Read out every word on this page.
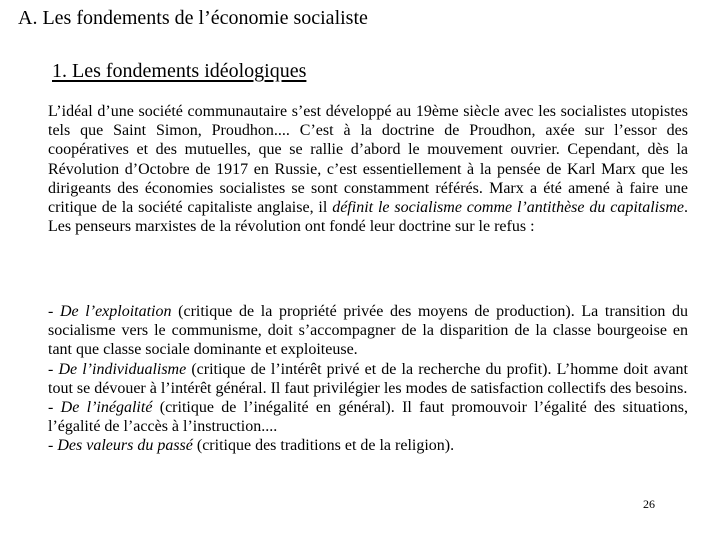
A. Les fondements de l’économie socialiste
1. Les fondements idéologiques

L’idéal d’une société communautaire s’est développé au 19ème siècle avec les socialistes utopistes tels que Saint Simon, Proudhon.... C’est à la doctrine de Proudhon, axée sur l’essor des coopératives et des mutuelles, que se rallie d’abord le mouvement ouvrier. Cependant, dès la Révolution d’Octobre de 1917 en Russie, c’est essentiellement à la pensée de Karl Marx que les dirigeants des économies socialistes se sont constamment référés. Marx a été amené à faire une critique de la société capitaliste anglaise, il définit le socialisme comme l’antithèse du capitalisme. Les penseurs marxistes de la révolution ont fondé leur doctrine sur le refus :

- De l’exploitation (critique de la propriété privée des moyens de production). La transition du socialisme vers le communisme, doit s’accompagner de la disparition de la classe bourgeoise en tant que classe sociale dominante et exploiteuse.

- De l’individualisme (critique de l’intérêt privé et de la recherche du profit). L’homme doit avant tout se dévouer à l’intérêt général. Il faut privilégier les modes de satisfaction collectifs des besoins.

- De l’inégalité (critique de l’inégalité en général). Il faut promouvoir l’égalité des situations, l’égalité de l’accès à l’instruction....

- Des valeurs du passé (critique des traditions et de la religion).

26
